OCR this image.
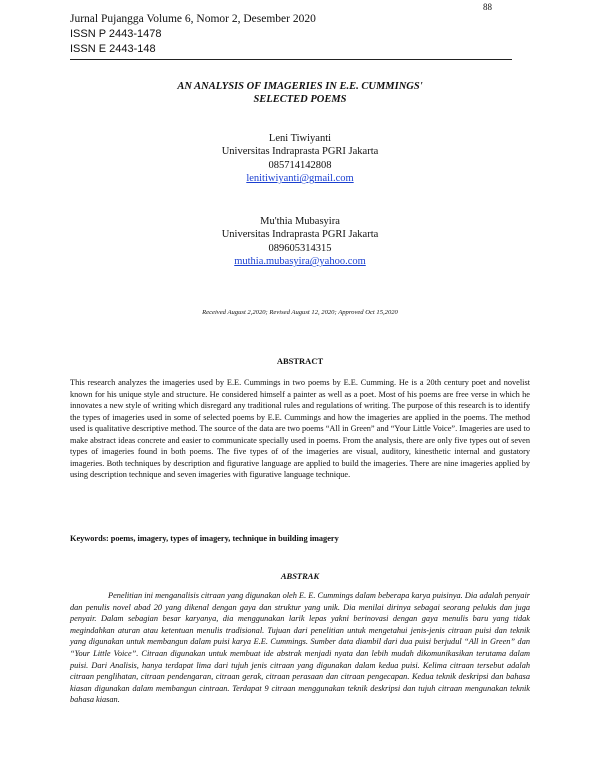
88
Jurnal Pujangga Volume 6, Nomor 2, Desember 2020
ISSN P 2443-1478
ISSN E 2443-148
AN ANALYSIS OF IMAGERIES IN E.E. CUMMINGS'
SELECTED POEMS
Leni Tiwiyanti
Universitas Indraprasta PGRI Jakarta
085714142808
lenitiwiyanti@gmail.com
Mu'thia Mubasyira
Universitas Indraprasta PGRI Jakarta
089605314315
muthia.mubasyira@yahoo.com
Received August 2,2020; Revised August 12, 2020; Approved Oct 15,2020
ABSTRACT
This research analyzes the imageries used by E.E. Cummings in two poems by E.E. Cumming. He is a 20th century poet and novelist known for his unique style and structure. He considered himself a painter as well as a poet. Most of his poems are free verse in which he innovates a new style of writing which disregard any traditional rules and regulations of writing. The purpose of this research is to identify the types of imageries used in some of selected poems by E.E. Cummings and how the imageries are applied in the poems. The method used is qualitative descriptive method. The source of the data are two poems “All in Green” and “Your Little Voice”. Imageries are used to make abstract ideas concrete and easier to communicate specially used in poems. From the analysis, there are only five types out of seven types of imageries found in both poems. The five types of of the imageries are visual, auditory, kinesthetic internal and gustatory imageries. Both techniques by description and figurative language are applied to build the imageries. There are nine imageries applied by using description technique and seven imageries with figurative language technique.
Keywords: poems, imagery, types of imagery, technique in building imagery
ABSTRAK
Penelitian ini menganalisis citraan yang digunakan oleh E. E. Cummings dalam beberapa karya puisinya. Dia adalah penyair dan penulis novel abad 20 yang dikenal dengan gaya dan struktur yang unik. Dia menilai dirinya sebagai seorang pelukis dan juga penyair. Dalam sebagian besar karyanya, dia menggunakan larik lepas yakni berinovasi dengan gaya menulis baru yang tidak megindahkan aturan atau ketentuan menulis tradisional. Tujuan dari penelitian untuk mengetahui jenis-jenis citraan puisi dan teknik yang digunakan untuk membangun dalam puisi karya E.E. Cummings. Sumber data diambil dari dua puisi berjudul “All in Green” dan “Your Little Voice”. Citraan digunakan untuk membuat ide abstrak menjadi nyata dan lebih mudah dikomunikasikan terutama dalam puisi. Dari Analisis, hanya terdapat lima dari tujuh jenis citraan yang digunakan dalam kedua puisi. Kelima citraan tersebut adalah citraan penglihatan, citraan pendengaran, citraan gerak, citraan perasaan dan citraan pengecapan. Kedua teknik deskripsi dan bahasa kiasan digunakan dalam membangun cintraan. Terdapat 9 citraan menggunakan teknik deskripsi dan tujuh citraan mengunakan teknik bahasa kiasan.
